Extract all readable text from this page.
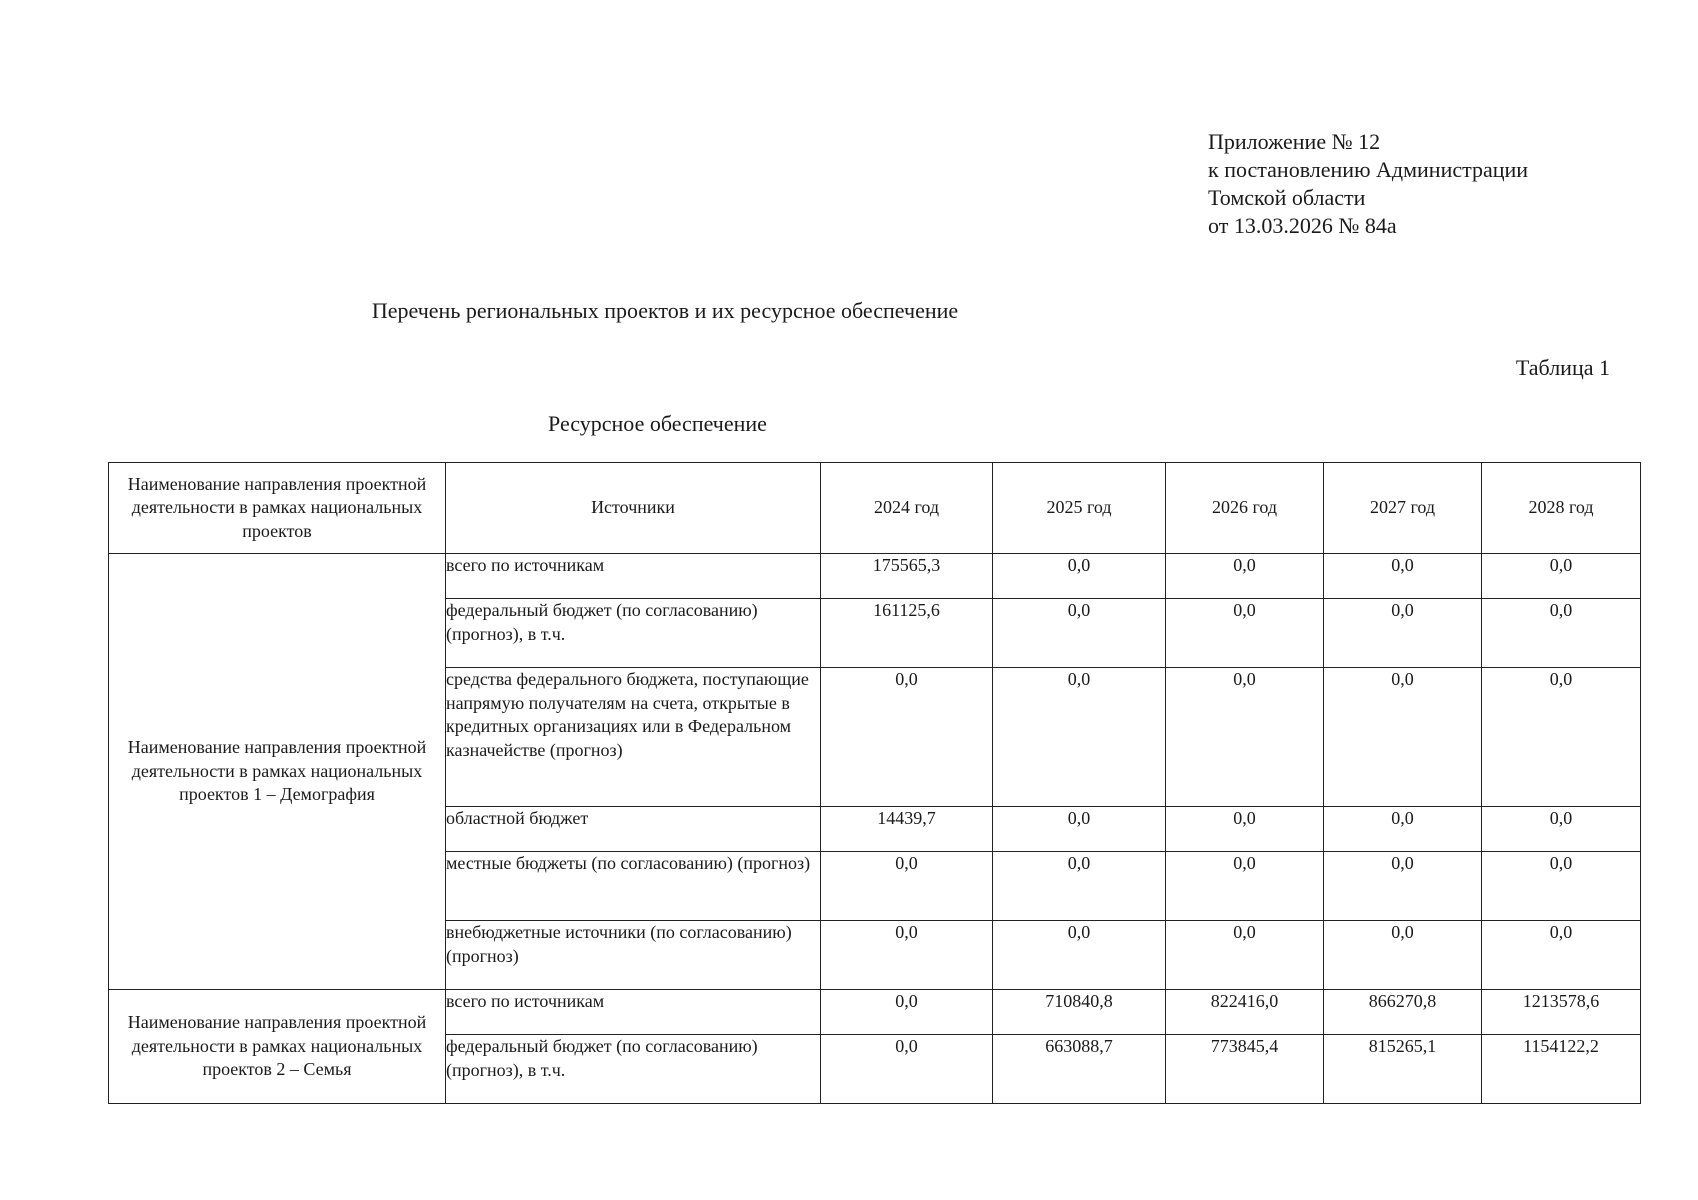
Приложение № 12
к постановлению Администрации
Томской области
от 13.03.2026 № 84а
Перечень региональных проектов и их ресурсное обеспечение
Таблица 1
Ресурсное обеспечение
Наименование направления проектной деятельности в рамках национальных проектов	Источники	2024 год	2025 год	2026 год	2027 год	2028 год
Наименование направления проектной деятельности в рамках национальных проектов 1 – Демография	всего по источникам	175565,3	0,0	0,0	0,0	0,0
	федеральный бюджет (по согласованию) (прогноз), в т.ч.	161125,6	0,0	0,0	0,0	0,0
	средства федерального бюджета, поступающие напрямую получателям на счета, открытые в кредитных организациях или в Федеральном казначействе (прогноз)	0,0	0,0	0,0	0,0	0,0
	областной бюджет	14439,7	0,0	0,0	0,0	0,0
	местные бюджеты (по согласованию) (прогноз)	0,0	0,0	0,0	0,0	0,0
	внебюджетные источники (по согласованию) (прогноз)	0,0	0,0	0,0	0,0	0,0
Наименование направления проектной деятельности в рамках национальных проектов 2 – Семья	всего по источникам	0,0	710840,8	822416,0	866270,8	1213578,6
	федеральный бюджет (по согласованию) (прогноз), в т.ч.	0,0	663088,7	773845,4	815265,1	1154122,2
